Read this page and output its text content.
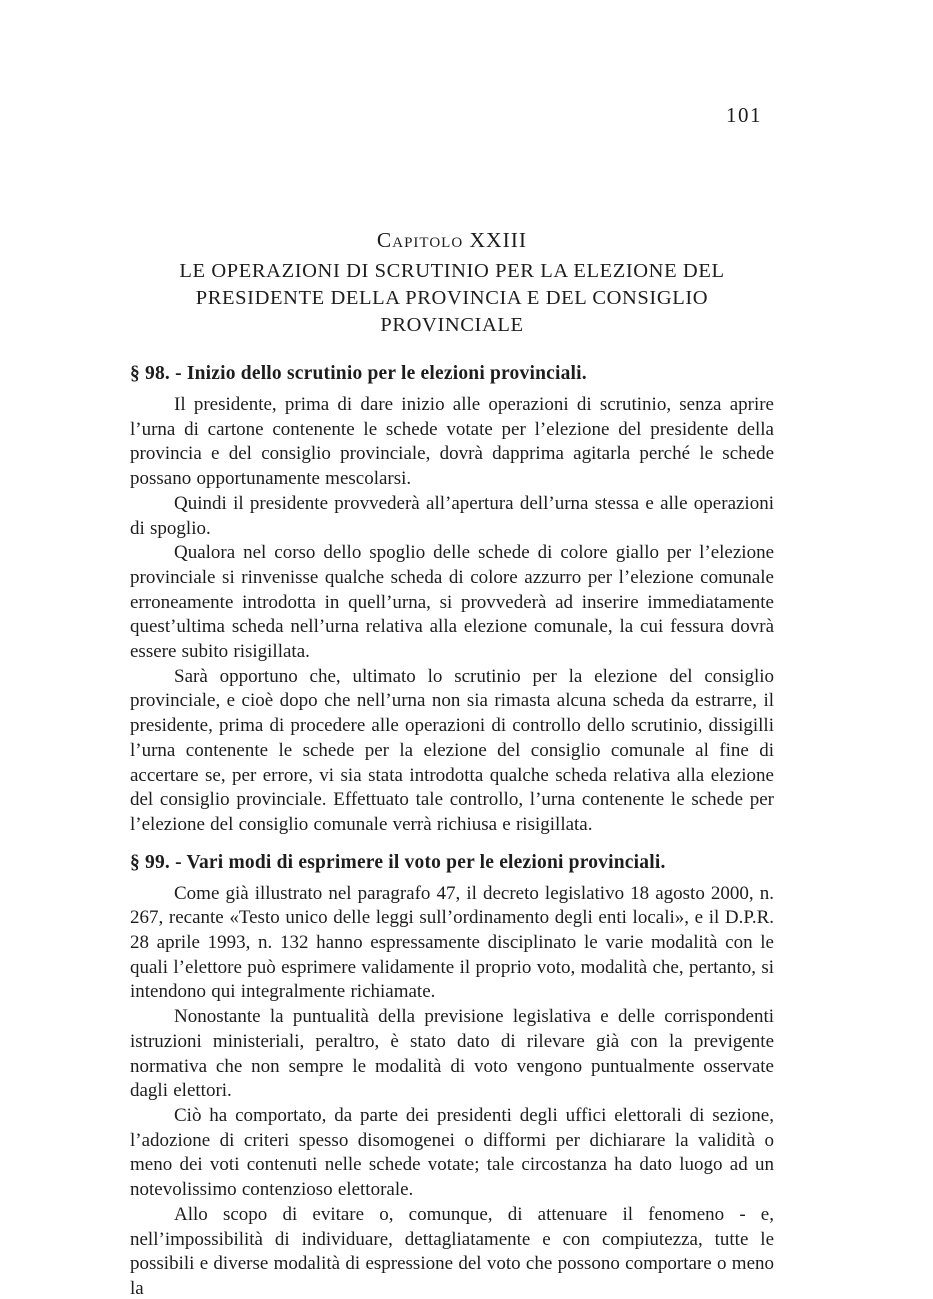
101
Capitolo XXIII
LE OPERAZIONI DI SCRUTINIO PER LA ELEZIONE DEL
PRESIDENTE DELLA PROVINCIA E DEL CONSIGLIO PROVINCIALE
§ 98. - Inizio dello scrutinio per le elezioni provinciali.

Il presidente, prima di dare inizio alle operazioni di scrutinio, senza aprire l’urna di cartone contenente le schede votate per l’elezione del presidente della provincia e del consiglio provinciale, dovrà dapprima agitarla perché le schede possano opportunamente mescolarsi.

Quindi il presidente provvederà all’apertura dell’urna stessa e alle operazioni di spoglio.

Qualora nel corso dello spoglio delle schede di colore giallo per l’elezione provinciale si rinvenisse qualche scheda di colore azzurro per l’elezione comunale erroneamente introdotta in quell’urna, si provvederà ad inserire immediatamente quest’ultima scheda nell’urna relativa alla elezione comunale, la cui fessura dovrà essere subito risigillata.

Sarà opportuno che, ultimato lo scrutinio per la elezione del consiglio provinciale, e cioè dopo che nell’urna non sia rimasta alcuna scheda da estrarre, il presidente, prima di procedere alle operazioni di controllo dello scrutinio, dissigilli l’urna contenente le schede per la elezione del consiglio comunale al fine di accertare se, per errore, vi sia stata introdotta qualche scheda relativa alla elezione del consiglio provinciale. Effettuato tale controllo, l’urna contenente le schede per l’elezione del consiglio comunale verrà richiusa e risigillata.

§ 99. - Vari modi di esprimere il voto per le elezioni provinciali.

Come già illustrato nel paragrafo 47, il decreto legislativo 18 agosto 2000, n. 267, recante «Testo unico delle leggi sull’ordinamento degli enti locali», e il D.P.R. 28 aprile 1993, n. 132 hanno espressamente disciplinato le varie modalità con le quali l’elettore può esprimere validamente il proprio voto, modalità che, pertanto, si intendono qui integralmente richiamate.

Nonostante la puntualità della previsione legislativa e delle corrispondenti istruzioni ministeriali, peraltro, è stato dato di rilevare già con la previgente normativa che non sempre le modalità di voto vengono puntualmente osservate dagli elettori.

Ciò ha comportato, da parte dei presidenti degli uffici elettorali di sezione, l’adozione di criteri spesso disomogenei o difformi per dichiarare la validità o meno dei voti contenuti nelle schede votate; tale circostanza ha dato luogo ad un notevolissimo contenzioso elettorale.

Allo scopo di evitare o, comunque, di attenuare il fenomeno - e, nell’impossibilità di individuare, dettagliatamente e con compiutezza, tutte le possibili e diverse modalità di espressione del voto che possono comportare o meno la
